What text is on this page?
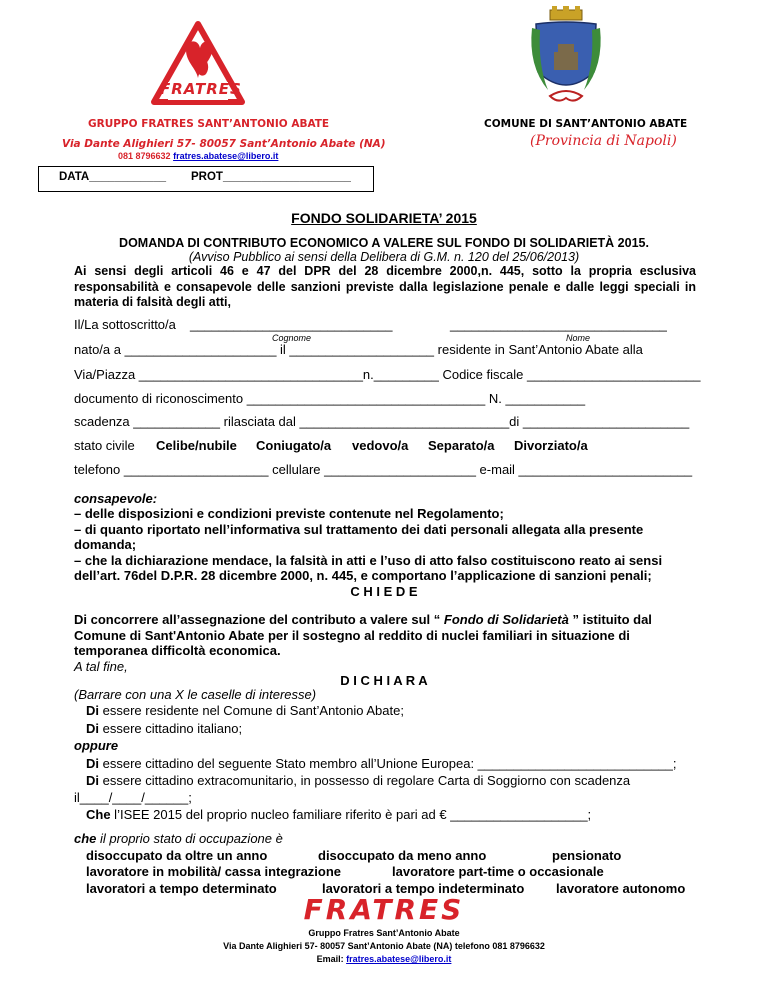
FRATRES
GRUPPO FRATRES SANT’ANTONIO ABATE
Via Dante Alighieri 57- 80057 Sant’Antonio Abate (NA)
081 8796632 fratres.abatese@libero.it
COMUNE DI SANT’ANTONIO ABATE
(Provincia di Napoli)
DATA____________ PROT____________________
FONDO SOLIDARIETA’ 2015
DOMANDA DI CONTRIBUTO ECONOMICO A VALERE SUL FONDO DI SOLIDARIETÀ 2015.
(Avviso Pubblico ai sensi della Delibera di G.M. n. 120 del 25/06/2013)
Ai sensi degli articoli 46 e 47 del DPR del 28 dicembre 2000,n. 445, sotto la propria esclusiva responsabilità e consapevole delle sanzioni previste dalla legislazione penale e dalle leggi speciali in materia di falsità degli atti,
Il/La sottoscritto/a ____________________________
Cognome
______________________________
Nome
nato/a a _____________________ il ____________________ residente in Sant’Antonio Abate alla
Via/Piazza _______________________________n._________ Codice fiscale ________________________
documento di riconoscimento _________________________________ N. ___________
scadenza ____________ rilasciata dal _____________________________di _______________________
stato civile Celibe/nubile Coniugato/a vedovo/a Separato/a Divorziato/a
telefono ____________________ cellulare _____________________ e-mail ________________________
consapevole:
– delle disposizioni e condizioni previste contenute nel Regolamento;
– di quanto riportato nell’informativa sul trattamento dei dati personali allegata alla presente domanda;
– che la dichiarazione mendace, la falsità in atti e l’uso di atto falso costituiscono reato ai sensi dell’art. 76del D.P.R. 28 dicembre 2000, n. 445, e comportano l’applicazione di sanzioni penali;
C H I E D E
Di concorrere all’assegnazione del contributo a valere sul “ Fondo di Solidarietà ” istituito dal Comune di Sant'Antonio Abate per il sostegno al reddito di nuclei familiari in situazione di temporanea difficoltà economica.
A tal fine,
D I C H I A R A
(Barrare con una X le caselle di interesse)
Di essere residente nel Comune di Sant’Antonio Abate;
Di essere cittadino italiano;
oppure
Di essere cittadino del seguente Stato membro all’Unione Europea: ___________________________;
Di essere cittadino extracomunitario, in possesso di regolare Carta di Soggiorno con scadenza
il____/____/______;
Che l’ISEE 2015 del proprio nucleo familiare riferito è pari ad € ___________________;
che il proprio stato di occupazione è
disoccupato da oltre un anno	disoccupato da meno anno	pensionato
lavoratore in mobilità/ cassa integrazione	lavoratore part-time o occasionale
lavoratori a tempo determinato	lavoratori a tempo indeterminato lavoratore autonomo
FRATRES
Gruppo Fratres Sant’Antonio Abate
Via Dante Alighieri 57- 80057 Sant’Antonio Abate (NA) telefono 081 8796632
Email: fratres.abatese@libero.it
